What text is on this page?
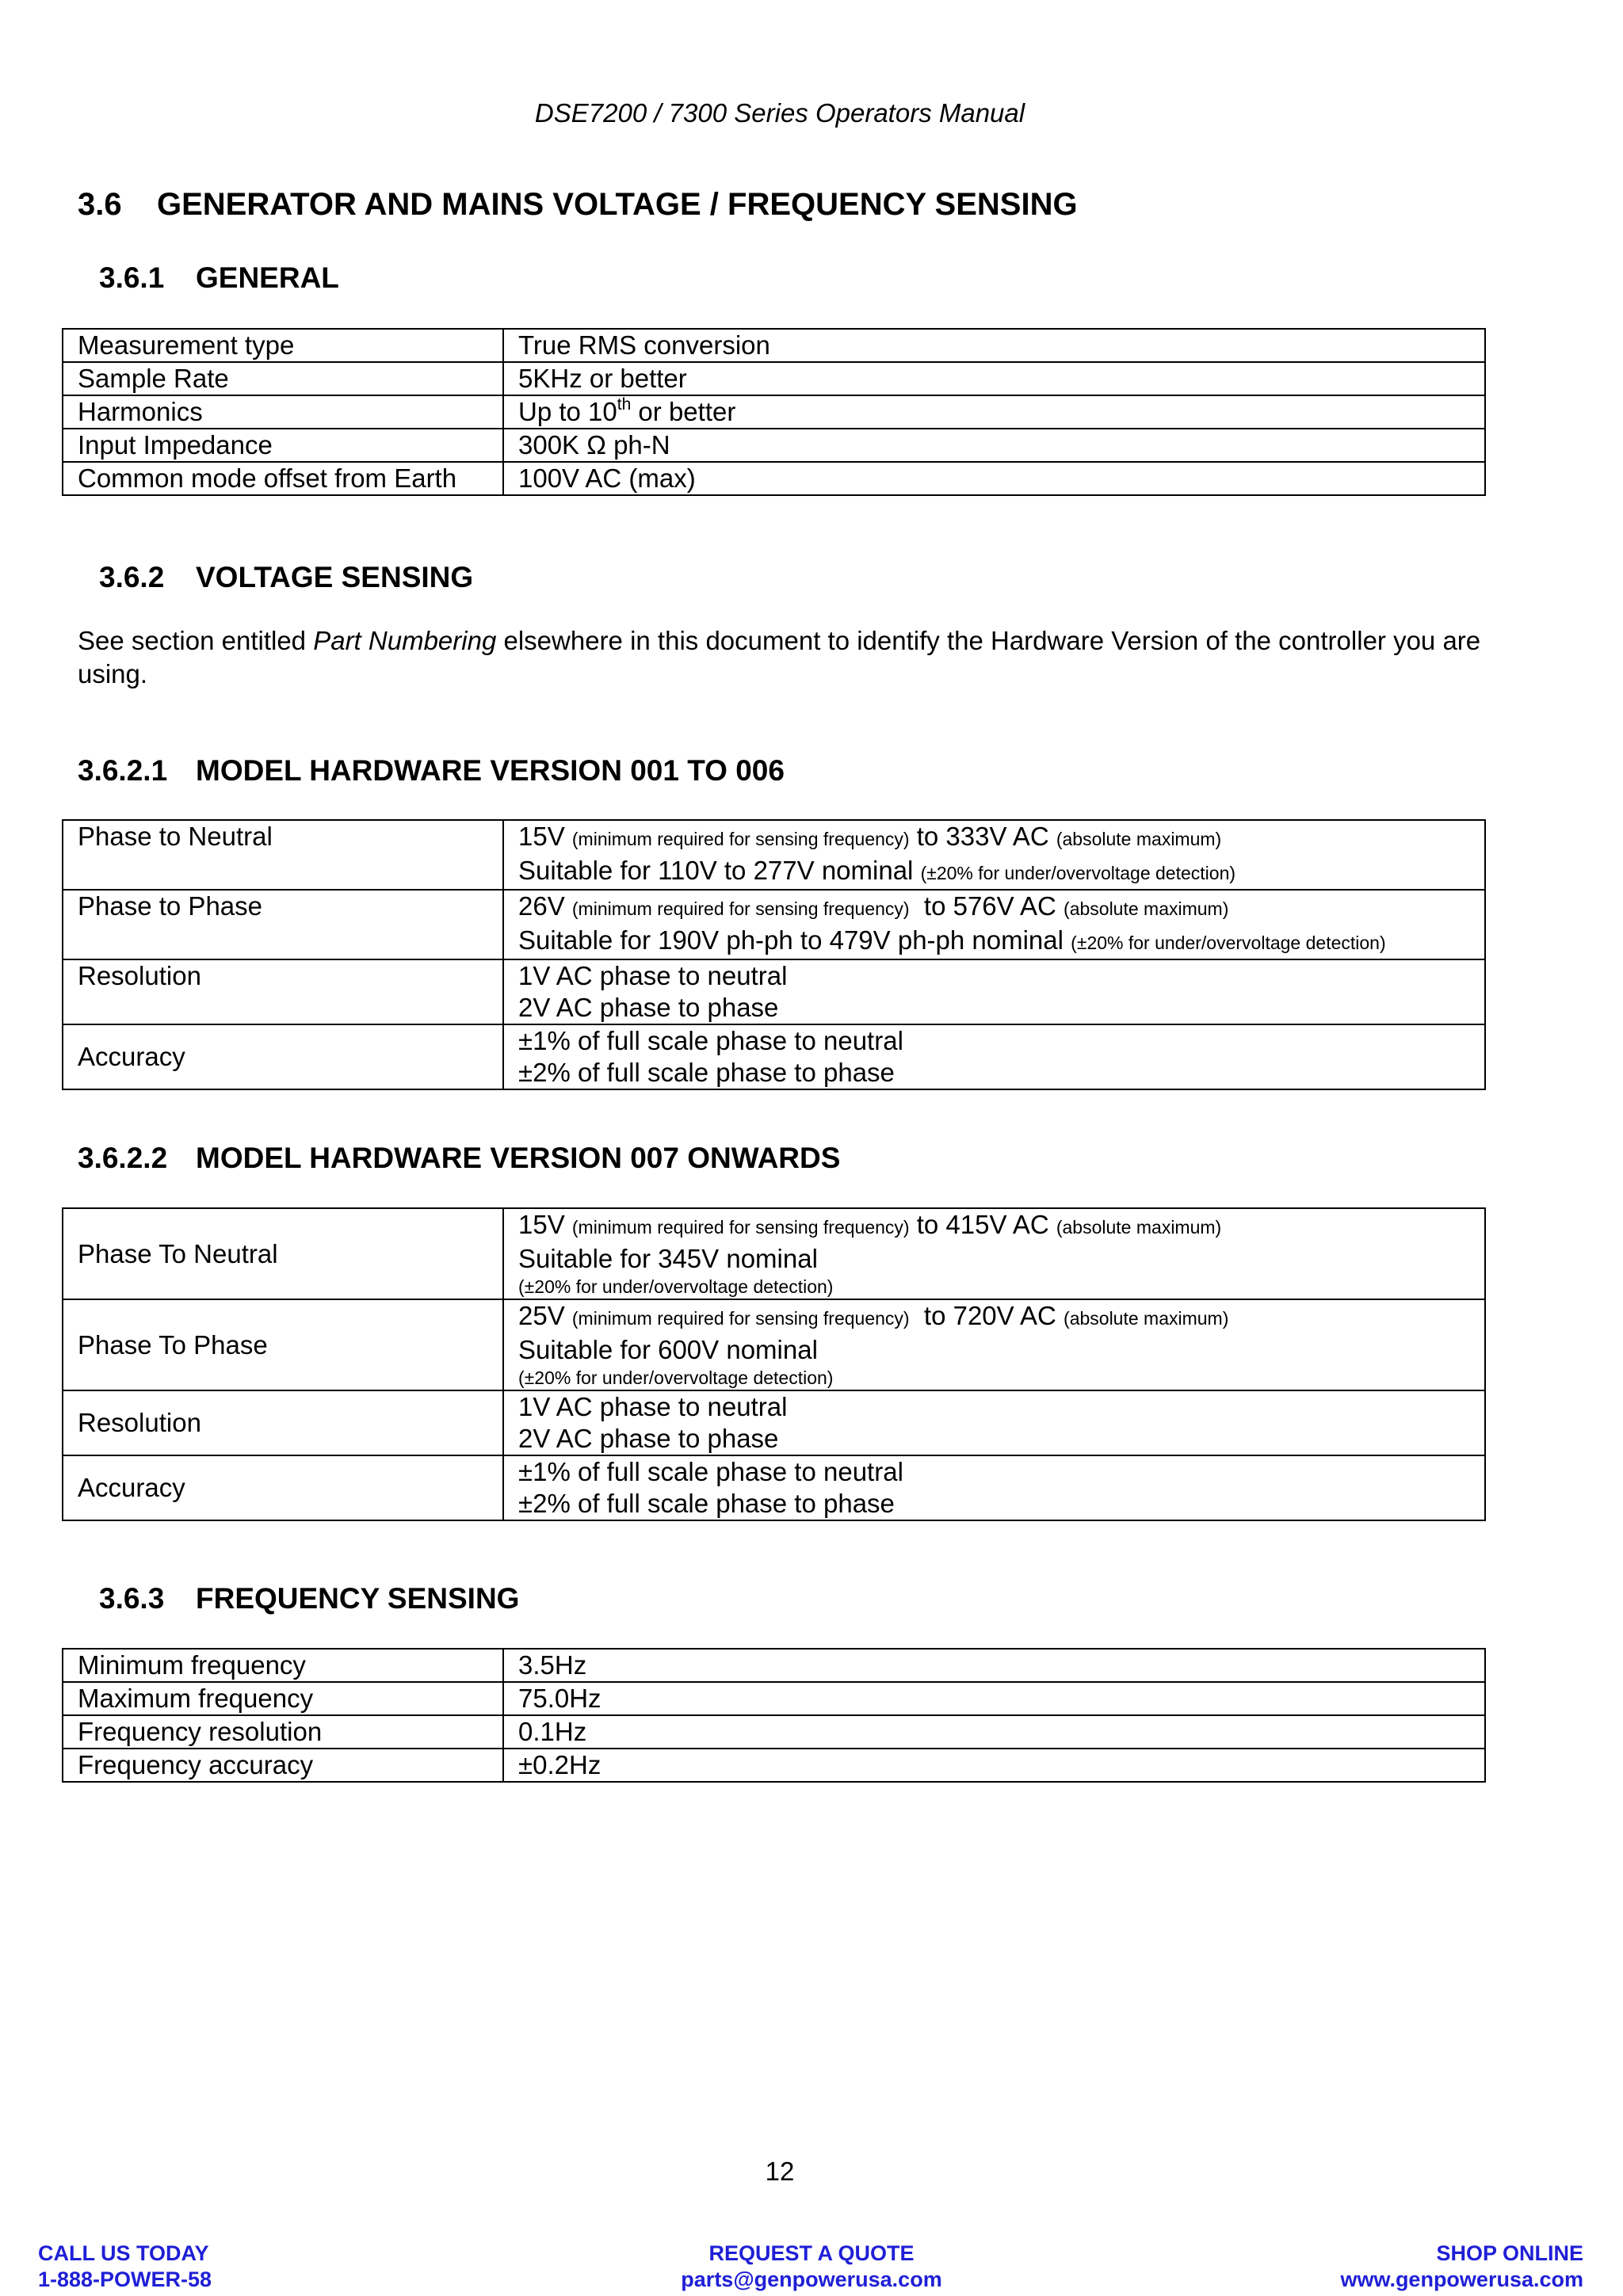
DSE7200 / 7300 Series Operators Manual
3.6 GENERATOR AND MAINS VOLTAGE / FREQUENCY SENSING
3.6.1 GENERAL
Measurement type	True RMS conversion
Sample Rate	5KHz or better
Harmonics	Up to 10th or better
Input Impedance	300K Ω ph-N
Common mode offset from Earth	100V AC (max)
3.6.2 VOLTAGE SENSING
See section entitled Part Numbering elsewhere in this document to identify the Hardware Version of the controller you are using.
3.6.2.1 MODEL HARDWARE VERSION 001 TO 006
Phase to Neutral	15V (minimum required for sensing frequency) to 333V AC (absolute maximum)
Suitable for 110V to 277V nominal (±20% for under/overvoltage detection)
Phase to Phase	26V (minimum required for sensing frequency) to 576V AC (absolute maximum)
Suitable for 190V ph-ph to 479V ph-ph nominal (±20% for under/overvoltage detection)
Resolution	1V AC phase to neutral
2V AC phase to phase
Accuracy	±1% of full scale phase to neutral
±2% of full scale phase to phase
3.6.2.2 MODEL HARDWARE VERSION 007 ONWARDS
Phase To Neutral	15V (minimum required for sensing frequency) to 415V AC (absolute maximum)
Suitable for 345V nominal
(±20% for under/overvoltage detection)

Phase To Phase	25V (minimum required for sensing frequency) to 720V AC (absolute maximum)
Suitable for 600V nominal
(±20% for under/overvoltage detection)

Resolution	1V AC phase to neutral
2V AC phase to phase
Accuracy	±1% of full scale phase to neutral
±2% of full scale phase to phase
3.6.3 FREQUENCY SENSING
Minimum frequency	3.5Hz
Maximum frequency	75.0Hz
Frequency resolution	0.1Hz
Frequency accuracy	±0.2Hz
12
CALL US TODAY
1-888-POWER-58
REQUEST A QUOTE
parts@genpowerusa.com
SHOP ONLINE
www.genpowerusa.com
